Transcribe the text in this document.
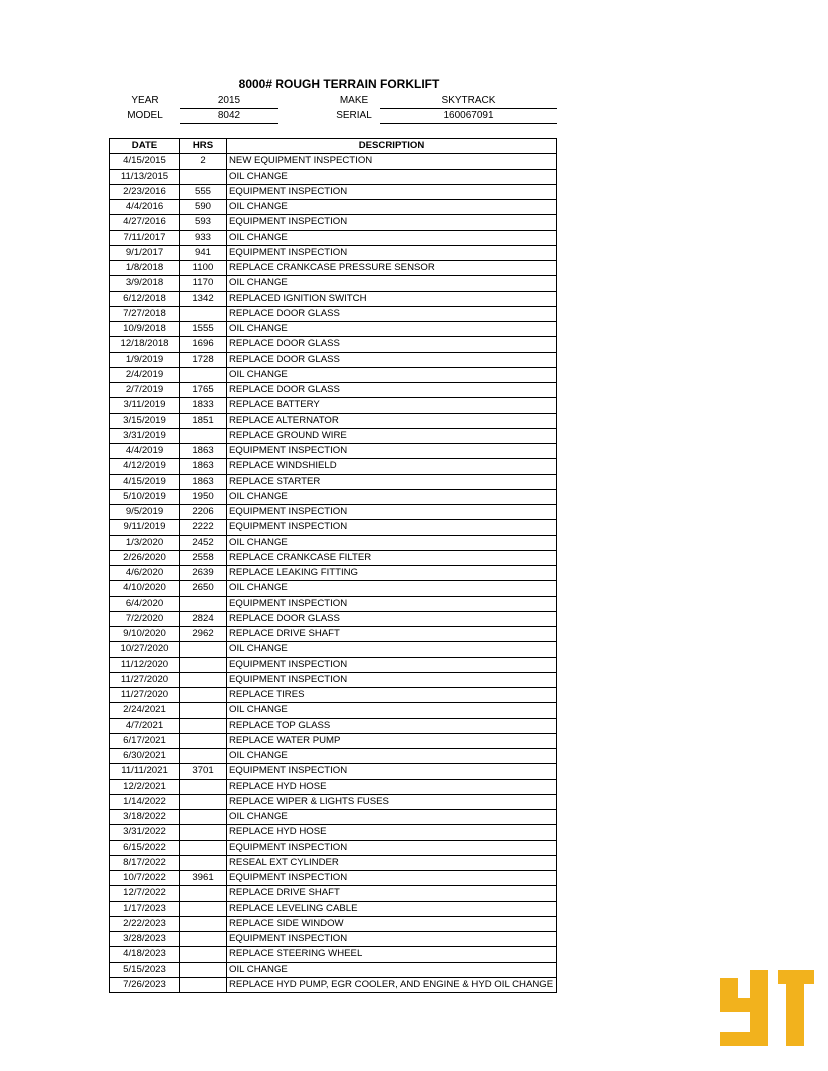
8000# ROUGH TERRAIN FORKLIFT
YEAR	2015	MAKE	SKYTRACK
MODEL	8042	SERIAL	160067091
DATE	HRS	DESCRIPTION
4/15/2015	2	NEW EQUIPMENT INSPECTION
11/13/2015		OIL CHANGE
2/23/2016	555	EQUIPMENT INSPECTION
4/4/2016	590	OIL CHANGE
4/27/2016	593	EQUIPMENT INSPECTION
7/11/2017	933	OIL CHANGE
9/1/2017	941	EQUIPMENT INSPECTION
1/8/2018	1100	REPLACE CRANKCASE PRESSURE SENSOR
3/9/2018	1170	OIL CHANGE
6/12/2018	1342	REPLACED IGNITION SWITCH
7/27/2018		REPLACE DOOR GLASS
10/9/2018	1555	OIL CHANGE
12/18/2018	1696	REPLACE DOOR GLASS
1/9/2019	1728	REPLACE DOOR GLASS
2/4/2019		OIL CHANGE
2/7/2019	1765	REPLACE DOOR GLASS
3/11/2019	1833	REPLACE BATTERY
3/15/2019	1851	REPLACE ALTERNATOR
3/31/2019		REPLACE GROUND WIRE
4/4/2019	1863	EQUIPMENT INSPECTION
4/12/2019	1863	REPLACE WINDSHIELD
4/15/2019	1863	REPLACE STARTER
5/10/2019	1950	OIL CHANGE
9/5/2019	2206	EQUIPMENT INSPECTION
9/11/2019	2222	EQUIPMENT INSPECTION
1/3/2020	2452	OIL CHANGE
2/26/2020	2558	REPLACE CRANKCASE FILTER
4/6/2020	2639	REPLACE LEAKING FITTING
4/10/2020	2650	OIL CHANGE
6/4/2020		EQUIPMENT INSPECTION
7/2/2020	2824	REPLACE DOOR GLASS
9/10/2020	2962	REPLACE DRIVE SHAFT
10/27/2020		OIL CHANGE
11/12/2020		EQUIPMENT INSPECTION
11/27/2020		EQUIPMENT INSPECTION
11/27/2020		REPLACE TIRES
2/24/2021		OIL CHANGE
4/7/2021		REPLACE TOP GLASS
6/17/2021		REPLACE WATER PUMP
6/30/2021		OIL CHANGE
11/11/2021	3701	EQUIPMENT INSPECTION
12/2/2021		REPLACE HYD HOSE
1/14/2022		REPLACE WIPER & LIGHTS FUSES
3/18/2022		OIL CHANGE
3/31/2022		REPLACE HYD HOSE
6/15/2022		EQUIPMENT INSPECTION
8/17/2022		RESEAL EXT CYLINDER
10/7/2022	3961	EQUIPMENT INSPECTION
12/7/2022		REPLACE DRIVE SHAFT
1/17/2023		REPLACE LEVELING CABLE
2/22/2023		REPLACE SIDE WINDOW
3/28/2023		EQUIPMENT INSPECTION
4/18/2023		REPLACE STEERING WHEEL
5/15/2023		OIL CHANGE
7/26/2023		REPLACE HYD PUMP, EGR COOLER, AND ENGINE & HYD OIL CHANGE
